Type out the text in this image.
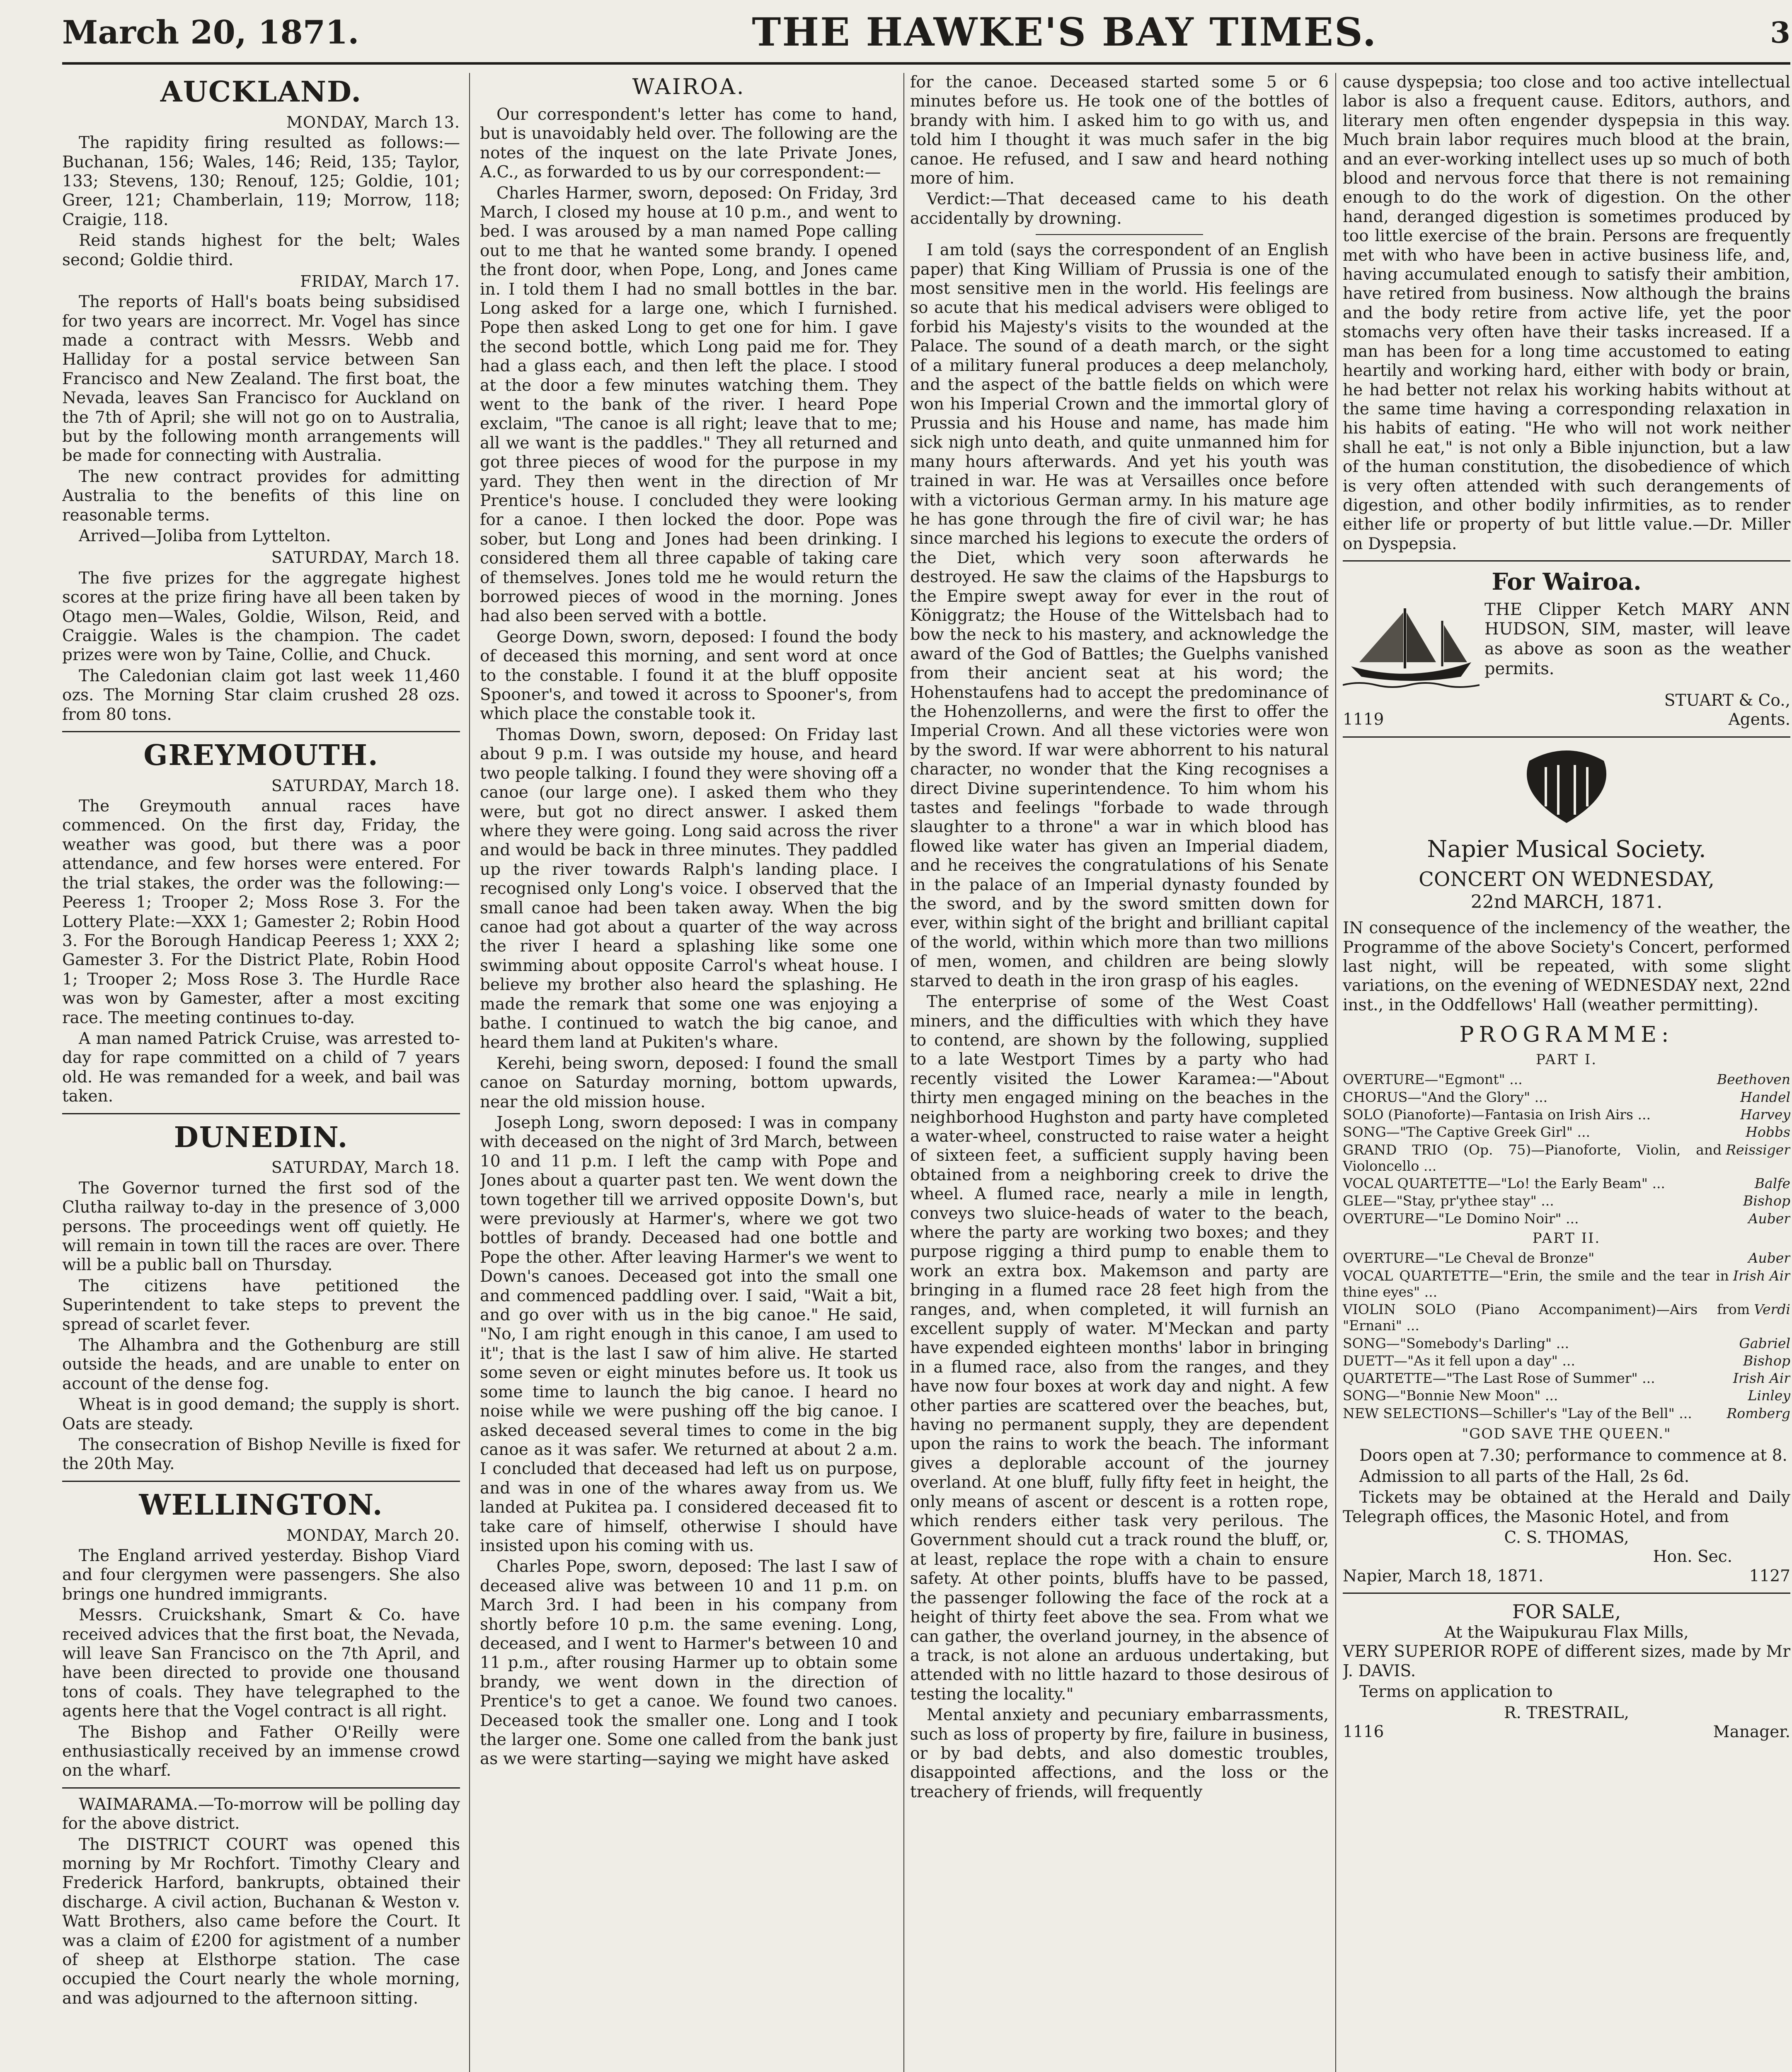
March 20, 1871.	THE HAWKE'S BAY TIMES.	3
AUCKLAND.
MONDAY, March 13.

The rapidity firing resulted as follows:—Buchanan, 156; Wales, 146; Reid, 135; Taylor, 133; Stevens, 130; Renouf, 125; Goldie, 101; Greer, 121; Chamberlain, 119; Morrow, 118; Craigie, 118.

Reid stands highest for the belt; Wales second; Goldie third.

FRIDAY, March 17.

The reports of Hall's boats being subsidised for two years are incorrect. Mr. Vogel has since made a contract with Messrs. Webb and Halliday for a postal service between San Francisco and New Zealand. The first boat, the Nevada, leaves San Francisco for Auckland on the 7th of April; she will not go on to Australia, but by the following month arrangements will be made for connecting with Australia.

The new contract provides for admitting Australia to the benefits of this line on reasonable terms.

Arrived—Joliba from Lyttelton.

SATURDAY, March 18.

The five prizes for the aggregate highest scores at the prize firing have all been taken by Otago men—Wales, Goldie, Wilson, Reid, and Craiggie. Wales is the champion. The cadet prizes were won by Taine, Collie, and Chuck.

The Caledonian claim got last week 11,460 ozs. The Morning Star claim crushed 28 ozs. from 80 tons.

GREYMOUTH.
SATURDAY, March 18.

The Greymouth annual races have commenced. On the first day, Friday, the weather was good, but there was a poor attendance, and few horses were entered. For the trial stakes, the order was the following:—Peeress 1; Trooper 2; Moss Rose 3. For the Lottery Plate:—XXX 1; Gamester 2; Robin Hood 3. For the Borough Handicap Peeress 1; XXX 2; Gamester 3. For the District Plate, Robin Hood 1; Trooper 2; Moss Rose 3. The Hurdle Race was won by Gamester, after a most exciting race. The meeting continues to-day.

A man named Patrick Cruise, was arrested to-day for rape committed on a child of 7 years old. He was remanded for a week, and bail was taken.

DUNEDIN.
SATURDAY, March 18.

The Governor turned the first sod of the Clutha railway to-day in the presence of 3,000 persons. The proceedings went off quietly. He will remain in town till the races are over. There will be a public ball on Thursday.

The citizens have petitioned the Superintendent to take steps to prevent the spread of scarlet fever.

The Alhambra and the Gothenburg are still outside the heads, and are unable to enter on account of the dense fog.

Wheat is in good demand; the supply is short. Oats are steady.

The consecration of Bishop Neville is fixed for the 20th May.

WELLINGTON.
MONDAY, March 20.

The England arrived yesterday. Bishop Viard and four clergymen were passengers. She also brings one hundred immigrants.

Messrs. Cruickshank, Smart & Co. have received advices that the first boat, the Nevada, will leave San Francisco on the 7th April, and have been directed to provide one thousand tons of coals. They have telegraphed to the agents here that the Vogel contract is all right.

The Bishop and Father O'Reilly were enthusiastically received by an immense crowd on the wharf.

WAIMARAMA.—To-morrow will be polling day for the above district.

The DISTRICT COURT was opened this morning by Mr Rochfort. Timothy Cleary and Frederick Harford, bankrupts, obtained their discharge. A civil action, Buchanan & Weston v. Watt Brothers, also came before the Court. It was a claim of £200 for agistment of a number of sheep at Elsthorpe station. The case occupied the Court nearly the whole morning, and was adjourned to the afternoon sitting.

WAIROA.

Our correspondent's letter has come to hand, but is unavoidably held over. The following are the notes of the inquest on the late Private Jones, A.C., as forwarded to us by our correspondent:—

Charles Harmer, sworn, deposed: On Friday, 3rd March, I closed my house at 10 p.m., and went to bed. I was aroused by a man named Pope calling out to me that he wanted some brandy. I opened the front door, when Pope, Long, and Jones came in. I told them I had no small bottles in the bar. Long asked for a large one, which I furnished. Pope then asked Long to get one for him. I gave the second bottle, which Long paid me for. They had a glass each, and then left the place. I stood at the door a few minutes watching them. They went to the bank of the river. I heard Pope exclaim, "The canoe is all right; leave that to me; all we want is the paddles." They all returned and got three pieces of wood for the purpose in my yard. They then went in the direction of Mr Prentice's house. I concluded they were looking for a canoe. I then locked the door. Pope was sober, but Long and Jones had been drinking. I considered them all three capable of taking care of themselves. Jones told me he would return the borrowed pieces of wood in the morning. Jones had also been served with a bottle.

George Down, sworn, deposed: I found the body of deceased this morning, and sent word at once to the constable. I found it at the bluff opposite Spooner's, and towed it across to Spooner's, from which place the constable took it.

Thomas Down, sworn, deposed: On Friday last about 9 p.m. I was outside my house, and heard two people talking. I found they were shoving off a canoe (our large one). I asked them who they were, but got no direct answer. I asked them where they were going. Long said across the river and would be back in three minutes. They paddled up the river towards Ralph's landing place. I recognised only Long's voice. I observed that the small canoe had been taken away. When the big canoe had got about a quarter of the way across the river I heard a splashing like some one swimming about opposite Carrol's wheat house. I believe my brother also heard the splashing. He made the remark that some one was enjoying a bathe. I continued to watch the big canoe, and heard them land at Pukiten's whare.

Kerehi, being sworn, deposed: I found the small canoe on Saturday morning, bottom upwards, near the old mission house.

Joseph Long, sworn deposed: I was in company with deceased on the night of 3rd March, between 10 and 11 p.m. I left the camp with Pope and Jones about a quarter past ten. We went down the town together till we arrived opposite Down's, but were previously at Harmer's, where we got two bottles of brandy. Deceased had one bottle and Pope the other. After leaving Harmer's we went to Down's canoes. Deceased got into the small one and commenced paddling over. I said, "Wait a bit, and go over with us in the big canoe." He said, "No, I am right enough in this canoe, I am used to it"; that is the last I saw of him alive. He started some seven or eight minutes before us. It took us some time to launch the big canoe. I heard no noise while we were pushing off the big canoe. I asked deceased several times to come in the big canoe as it was safer. We returned at about 2 a.m. I concluded that deceased had left us on purpose, and was in one of the whares away from us. We landed at Pukitea pa. I considered deceased fit to take care of himself, otherwise I should have insisted upon his coming with us.

Charles Pope, sworn, deposed: The last I saw of deceased alive was between 10 and 11 p.m. on March 3rd. I had been in his company from shortly before 10 p.m. the same evening. Long, deceased, and I went to Harmer's between 10 and 11 p.m., after rousing Harmer up to obtain some brandy, we went down in the direction of Prentice's to get a canoe. We found two canoes. Deceased took the smaller one. Long and I took the larger one. Some one called from the bank just as we were starting—saying we might have asked

for the canoe. Deceased started some 5 or 6 minutes before us. He took one of the bottles of brandy with him. I asked him to go with us, and told him I thought it was much safer in the big canoe. He refused, and I saw and heard nothing more of him.

Verdict:—That deceased came to his death accidentally by drowning.

I am told (says the correspondent of an English paper) that King William of Prussia is one of the most sensitive men in the world. His feelings are so acute that his medical advisers were obliged to forbid his Majesty's visits to the wounded at the Palace. The sound of a death march, or the sight of a military funeral produces a deep melancholy, and the aspect of the battle fields on which were won his Imperial Crown and the immortal glory of Prussia and his House and name, has made him sick nigh unto death, and quite unmanned him for many hours afterwards. And yet his youth was trained in war. He was at Versailles once before with a victorious German army. In his mature age he has gone through the fire of civil war; he has since marched his legions to execute the orders of the Diet, which very soon afterwards he destroyed. He saw the claims of the Hapsburgs to the Empire swept away for ever in the rout of Königgratz; the House of the Wittelsbach had to bow the neck to his mastery, and acknowledge the award of the God of Battles; the Guelphs vanished from their ancient seat at his word; the Hohenstaufens had to accept the predominance of the Hohenzollerns, and were the first to offer the Imperial Crown. And all these victories were won by the sword. If war were abhorrent to his natural character, no wonder that the King recognises a direct Divine superintendence. To him whom his tastes and feelings "forbade to wade through slaughter to a throne" a war in which blood has flowed like water has given an Imperial diadem, and he receives the congratulations of his Senate in the palace of an Imperial dynasty founded by the sword, and by the sword smitten down for ever, within sight of the bright and brilliant capital of the world, within which more than two millions of men, women, and children are being slowly starved to death in the iron grasp of his eagles.

The enterprise of some of the West Coast miners, and the difficulties with which they have to contend, are shown by the following, supplied to a late Westport Times by a party who had recently visited the Lower Karamea:—"About thirty men engaged mining on the beaches in the neighborhood Hughston and party have completed a water-wheel, constructed to raise water a height of sixteen feet, a sufficient supply having been obtained from a neighboring creek to drive the wheel. A flumed race, nearly a mile in length, conveys two sluice-heads of water to the beach, where the party are working two boxes; and they purpose rigging a third pump to enable them to work an extra box. Makemson and party are bringing in a flumed race 28 feet high from the ranges, and, when completed, it will furnish an excellent supply of water. M'Meckan and party have expended eighteen months' labor in bringing in a flumed race, also from the ranges, and they have now four boxes at work day and night. A few other parties are scattered over the beaches, but, having no permanent supply, they are dependent upon the rains to work the beach. The informant gives a deplorable account of the journey overland. At one bluff, fully fifty feet in height, the only means of ascent or descent is a rotten rope, which renders either task very perilous. The Government should cut a track round the bluff, or, at least, replace the rope with a chain to ensure safety. At other points, bluffs have to be passed, the passenger following the face of the rock at a height of thirty feet above the sea. From what we can gather, the overland journey, in the absence of a track, is not alone an arduous undertaking, but attended with no little hazard to those desirous of testing the locality."

Mental anxiety and pecuniary embarrassments, such as loss of property by fire, failure in business, or by bad debts, and also domestic troubles, disappointed affections, and the loss or the treachery of friends, will frequently

cause dyspepsia; too close and too active intellectual labor is also a frequent cause. Editors, authors, and literary men often engender dyspepsia in this way. Much brain labor requires much blood at the brain, and an ever-working intellect uses up so much of both blood and nervous force that there is not remaining enough to do the work of digestion. On the other hand, deranged digestion is sometimes produced by too little exercise of the brain. Persons are frequently met with who have been in active business life, and, having accumulated enough to satisfy their ambition, have retired from business. Now although the brains and the body retire from active life, yet the poor stomachs very often have their tasks increased. If a man has been for a long time accustomed to eating heartily and working hard, either with body or brain, he had better not relax his working habits without at the same time having a corresponding relaxation in his habits of eating. "He who will not work neither shall he eat," is not only a Bible injunction, but a law of the human constitution, the disobedience of which is very often attended with such derangements of digestion, and other bodily infirmities, as to render either life or property of but little value.—Dr. Miller on Dyspepsia.

For Wairoa.
THE Clipper Ketch MARY ANN HUDSON, SIM, master, will leave as above as soon as the weather permits.
STUART & Co.,
1119	Agents.
Napier Musical Society.
CONCERT ON WEDNESDAY,
22nd MARCH, 1871.

IN consequence of the inclemency of the weather, the Programme of the above Society's Concert, performed last night, will be repeated, with some slight variations, on the evening of WEDNESDAY next, 22nd inst., in the Oddfellows' Hall (weather permitting).

PROGRAMME:
PART I.
OVERTURE—"Egmont" ...	Beethoven
CHORUS—"And the Glory" ...	Handel
SOLO (Pianoforte)—Fantasia on Irish Airs ...	Harvey
SONG—"The Captive Greek Girl" ...	Hobbs
GRAND TRIO (Op. 75)—Pianoforte, Violin, and Violoncello ...
Reissiger
VOCAL QUARTETTE—"Lo! the Early Beam" ...	Balfe
GLEE—"Stay, pr'ythee stay" ...	Bishop
OVERTURE—"Le Domino Noir" ...	Auber
PART II.
OVERTURE—"Le Cheval de Bronze"	Auber
VOCAL QUARTETTE—"Erin, the smile and the tear in thine eyes" ...
Irish Air
VIOLIN SOLO (Piano Accompaniment)—Airs from "Ernani" ...
Verdi
SONG—"Somebody's Darling" ...	Gabriel
DUETT—"As it fell upon a day" ...	Bishop
QUARTETTE—"The Last Rose of Summer" ...	Irish Air
SONG—"Bonnie New Moon" ...	Linley
NEW SELECTIONS—Schiller's "Lay of the Bell" ...	Romberg
"GOD SAVE THE QUEEN."

Doors open at 7.30; performance to commence at 8.

Admission to all parts of the Hall, 2s 6d.

Tickets may be obtained at the Herald and Daily Telegraph offices, the Masonic Hotel, and from

C. S. THOMAS,
Hon. Sec.
Napier, March 18, 1871.	1127
FOR SALE,
At the Waipukurau Flax Mills,

VERY SUPERIOR ROPE of different sizes, made by Mr J. DAVIS.

Terms on application to

R. TRESTRAIL,
1116	Manager.
